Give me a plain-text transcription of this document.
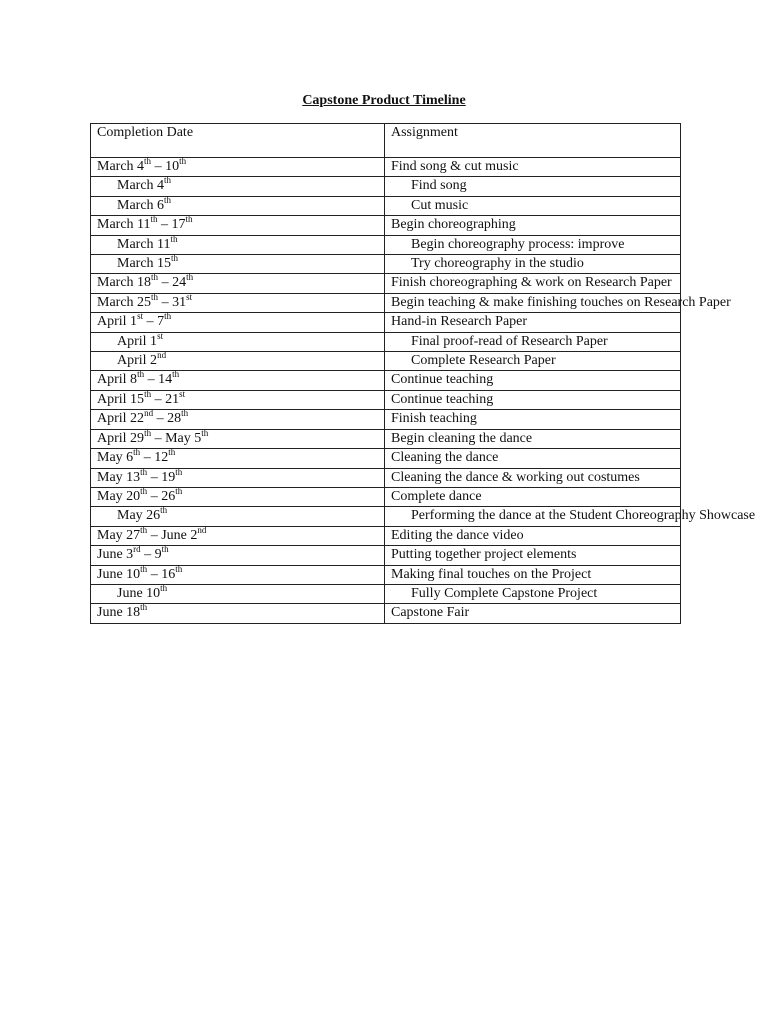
Capstone Product Timeline
Completion Date	Assignment
March 4th – 10th	Find song & cut music
March 4th	Find song
March 6th	Cut music
March 11th – 17th	Begin choreographing
March 11th	Begin choreography process: improve
March 15th	Try choreography in the studio
March 18th – 24th	Finish choreographing & work on Research Paper
March 25th – 31st	Begin teaching & make finishing touches on Research Paper
April 1st – 7th	Hand-in Research Paper
April 1st	Final proof-read of Research Paper
April 2nd	Complete Research Paper
April 8th – 14th	Continue teaching
April 15th – 21st	Continue teaching
April 22nd – 28th	Finish teaching
April 29th – May 5th	Begin cleaning the dance
May 6th – 12th	Cleaning the dance
May 13th – 19th	Cleaning the dance & working out costumes
May 20th – 26th	Complete dance
May 26th	Performing the dance at the Student Choreography Showcase
May 27th – June 2nd	Editing the dance video
June 3rd – 9th	Putting together project elements
June 10th – 16th	Making final touches on the Project
June 10th	Fully Complete Capstone Project
June 18th	Capstone Fair
